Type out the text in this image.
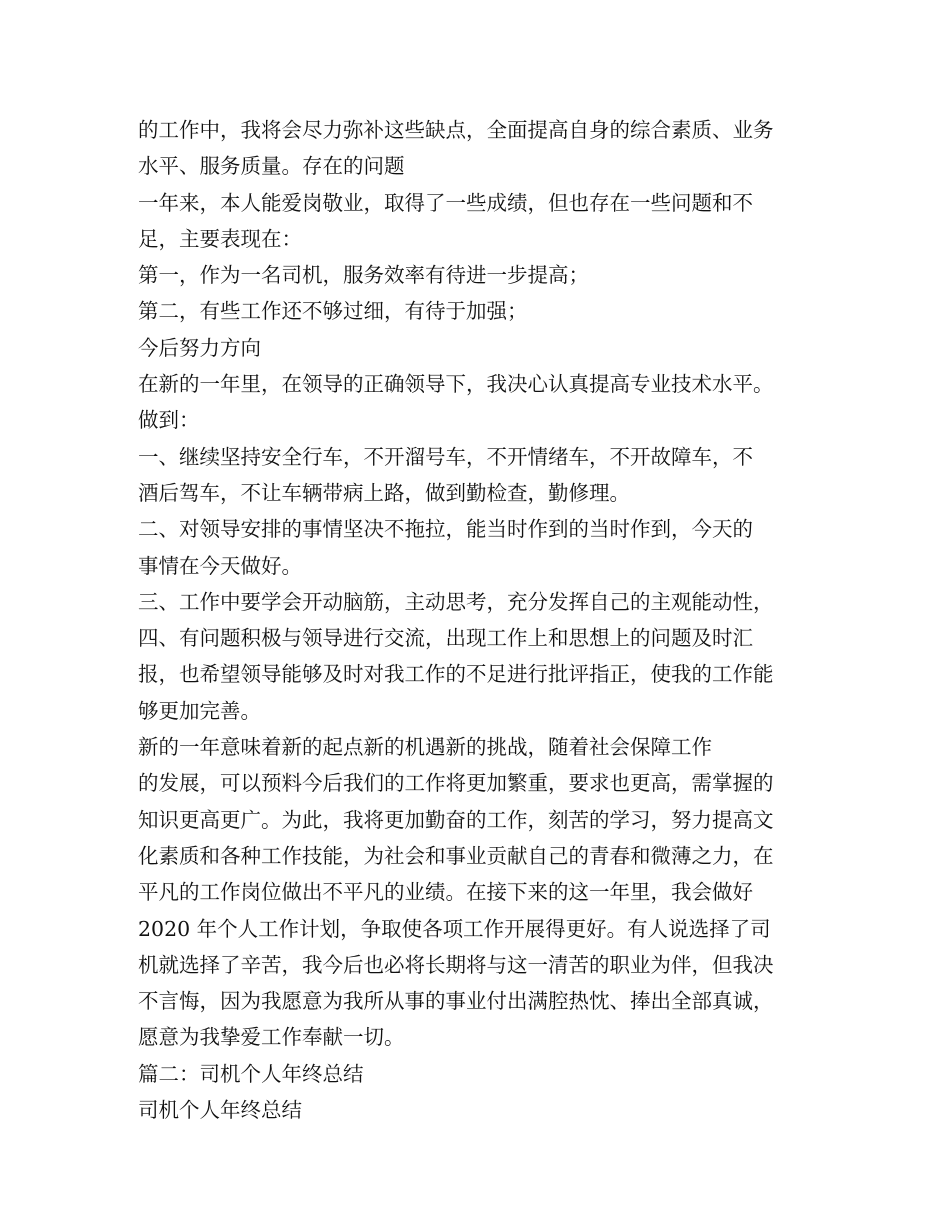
的工作中，我将会尽力弥补这些缺点，全面提高自身的综合素质、业务
水平、服务质量。存在的问题
一年来，本人能爱岗敬业，取得了一些成绩，但也存在一些问题和不
足，主要表现在：
第一，作为一名司机，服务效率有待进一步提高；
第二，有些工作还不够过细，有待于加强；
今后努力方向
在新的一年里，在领导的正确领导下，我决心认真提高专业技术水平。
做到：
一、继续坚持安全行车，不开溜号车，不开情绪车，不开故障车，不
酒后驾车，不让车辆带病上路，做到勤检查，勤修理。
二、对领导安排的事情坚决不拖拉，能当时作到的当时作到，今天的
事情在今天做好。
三、工作中要学会开动脑筋，主动思考，充分发挥自己的主观能动性，
四、有问题积极与领导进行交流，出现工作上和思想上的问题及时汇
报，也希望领导能够及时对我工作的不足进行批评指正，使我的工作能
够更加完善。
新的一年意味着新的起点新的机遇新的挑战，随着社会保障工作
的发展，可以预料今后我们的工作将更加繁重，要求也更高，需掌握的
知识更高更广。为此，我将更加勤奋的工作，刻苦的学习，努力提高文
化素质和各种工作技能，为社会和事业贡献自己的青春和微薄之力，在
平凡的工作岗位做出不平凡的业绩。在接下来的这一年里，我会做好
2020 年个人工作计划，争取使各项工作开展得更好。有人说选择了司
机就选择了辛苦，我今后也必将长期将与这一清苦的职业为伴，但我决
不言悔，因为我愿意为我所从事的事业付出满腔热忱、捧出全部真诚，
愿意为我挚爱工作奉献一切。
篇二：司机个人年终总结
司机个人年终总结
